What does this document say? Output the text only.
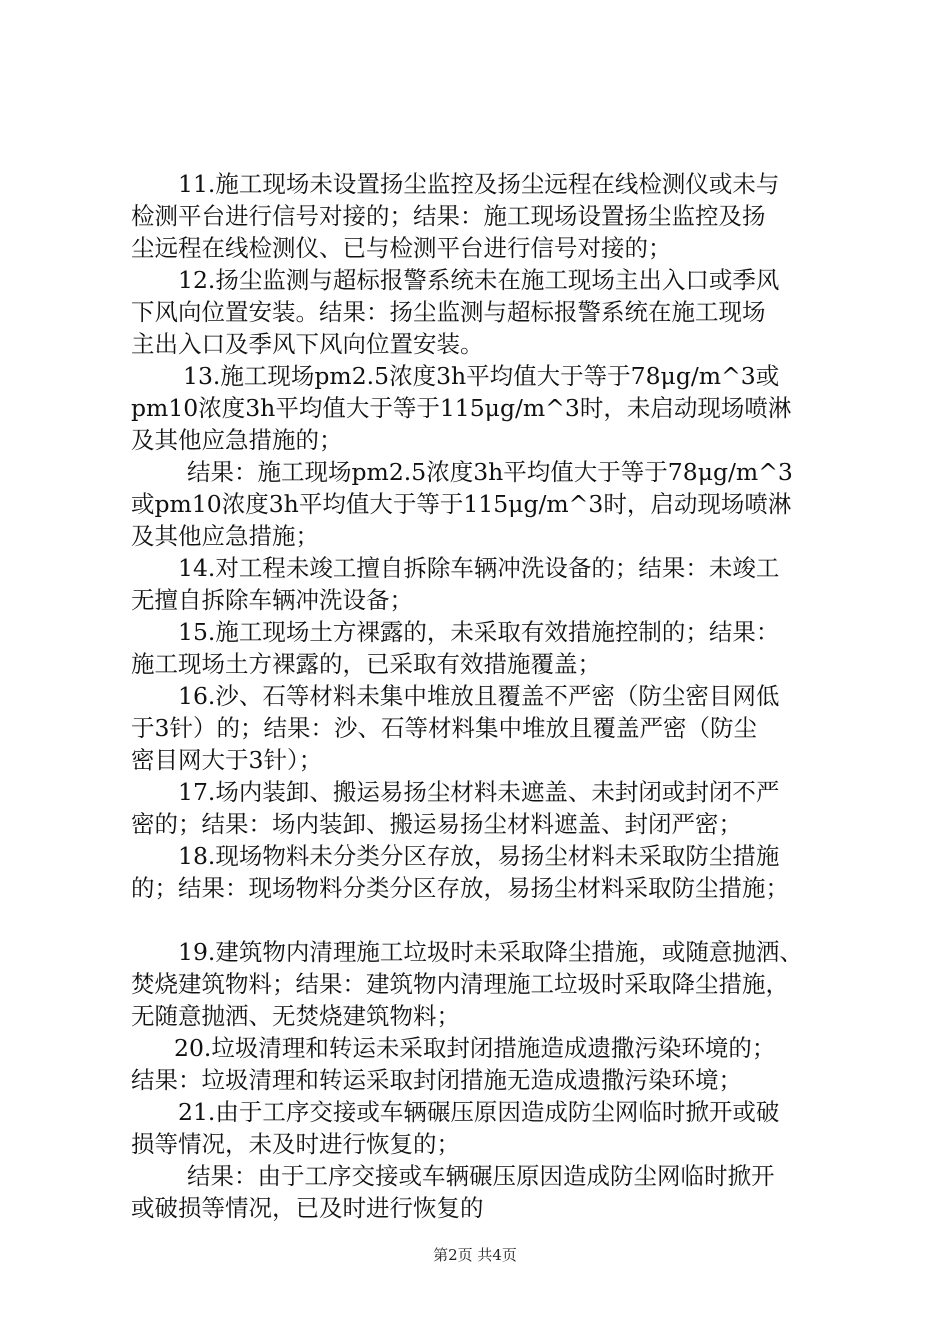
11.施工现场未设置扬尘监控及扬尘远程在线检测仪或未与
检测平台进行信号对接的；结果：施工现场设置扬尘监控及扬
尘远程在线检测仪、已与检测平台进行信号对接的；
12.扬尘监测与超标报警系统未在施工现场主出入口或季风
下风向位置安装。结果：扬尘监测与超标报警系统在施工现场
主出入口及季风下风向位置安装。
13.施工现场pm2.5浓度3h平均值大于等于78μg/m^3或
pm10浓度3h平均值大于等于115μg/m^3时，未启动现场喷淋
及其他应急措施的；
结果：施工现场pm2.5浓度3h平均值大于等于78μg/m^3
或pm10浓度3h平均值大于等于115μg/m^3时，启动现场喷淋
及其他应急措施；
14.对工程未竣工擅自拆除车辆冲洗设备的；结果：未竣工
无擅自拆除车辆冲洗设备；
15.施工现场土方裸露的，未采取有效措施控制的；结果：
施工现场土方裸露的，已采取有效措施覆盖；
16.沙、石等材料未集中堆放且覆盖不严密（防尘密目网低
于3针）的；结果：沙、石等材料集中堆放且覆盖严密（防尘
密目网大于3针）；
17.场内装卸、搬运易扬尘材料未遮盖、未封闭或封闭不严
密的；结果：场内装卸、搬运易扬尘材料遮盖、封闭严密；
18.现场物料未分类分区存放，易扬尘材料未采取防尘措施
的；结果：现场物料分类分区存放，易扬尘材料采取防尘措施；
19.建筑物内清理施工垃圾时未采取降尘措施，或随意抛洒、
焚烧建筑物料；结果：建筑物内清理施工垃圾时采取降尘措施，
无随意抛洒、无焚烧建筑物料；
20.垃圾清理和转运未采取封闭措施造成遗撒污染环境的；
结果：垃圾清理和转运采取封闭措施无造成遗撒污染环境；
21.由于工序交接或车辆碾压原因造成防尘网临时掀开或破
损等情况，未及时进行恢复的；
结果：由于工序交接或车辆碾压原因造成防尘网临时掀开
或破损等情况，已及时进行恢复的
第2页 共4页
